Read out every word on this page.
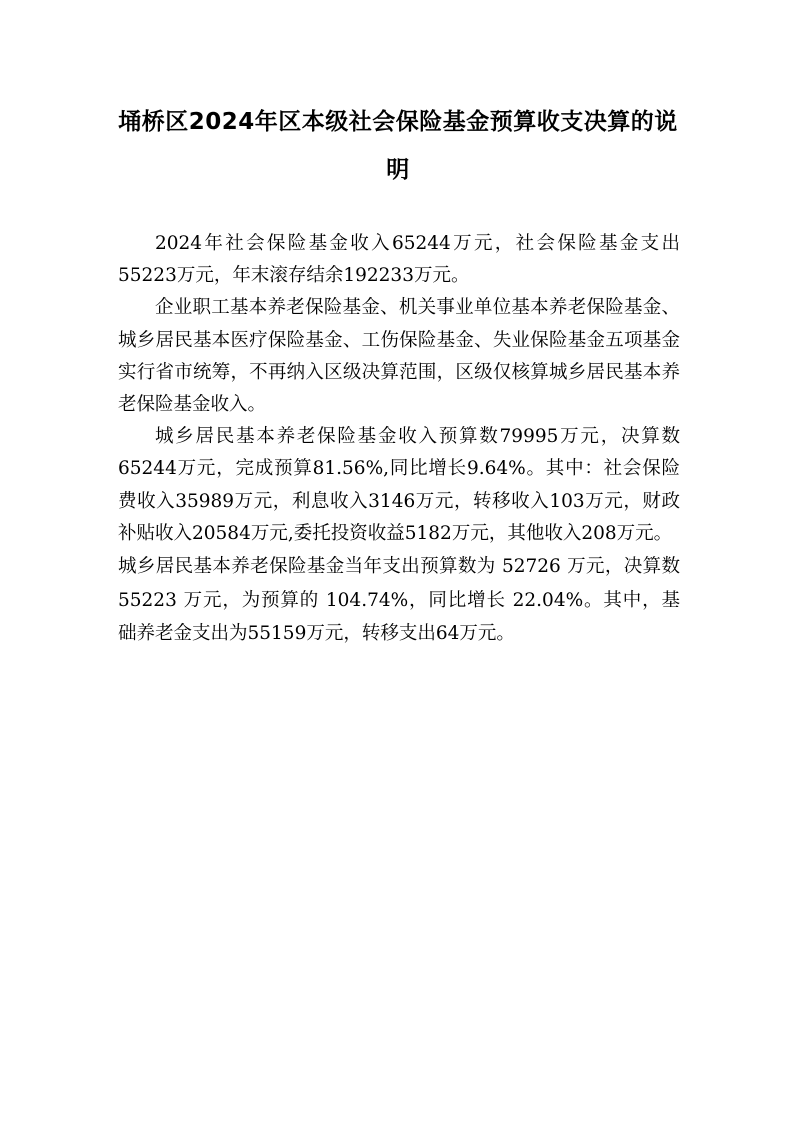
埇桥区2024年区本级社会保险基金预算收支决算的说明

2024年社会保险基金收入65244万元，社会保险基金支出55223万元，年末滚存结余192233万元。

企业职工基本养老保险基金、机关事业单位基本养老保险基金、城乡居民基本医疗保险基金、工伤保险基金、失业保险基金五项基金实行省市统筹，不再纳入区级决算范围，区级仅核算城乡居民基本养老保险基金收入。

城乡居民基本养老保险基金收入预算数79995万元，决算数65244万元，完成预算81.56%,同比增长9.64%。其中：社会保险费收入35989万元，利息收入3146万元，转移收入103万元，财政补贴收入20584万元,委托投资收益5182万元，其他收入208万元。

城乡居民基本养老保险基金当年支出预算数为 52726 万元，决算数 55223 万元，为预算的 104.74%，同比增长 22.04%。其中，基础养老金支出为55159万元，转移支出64万元。
